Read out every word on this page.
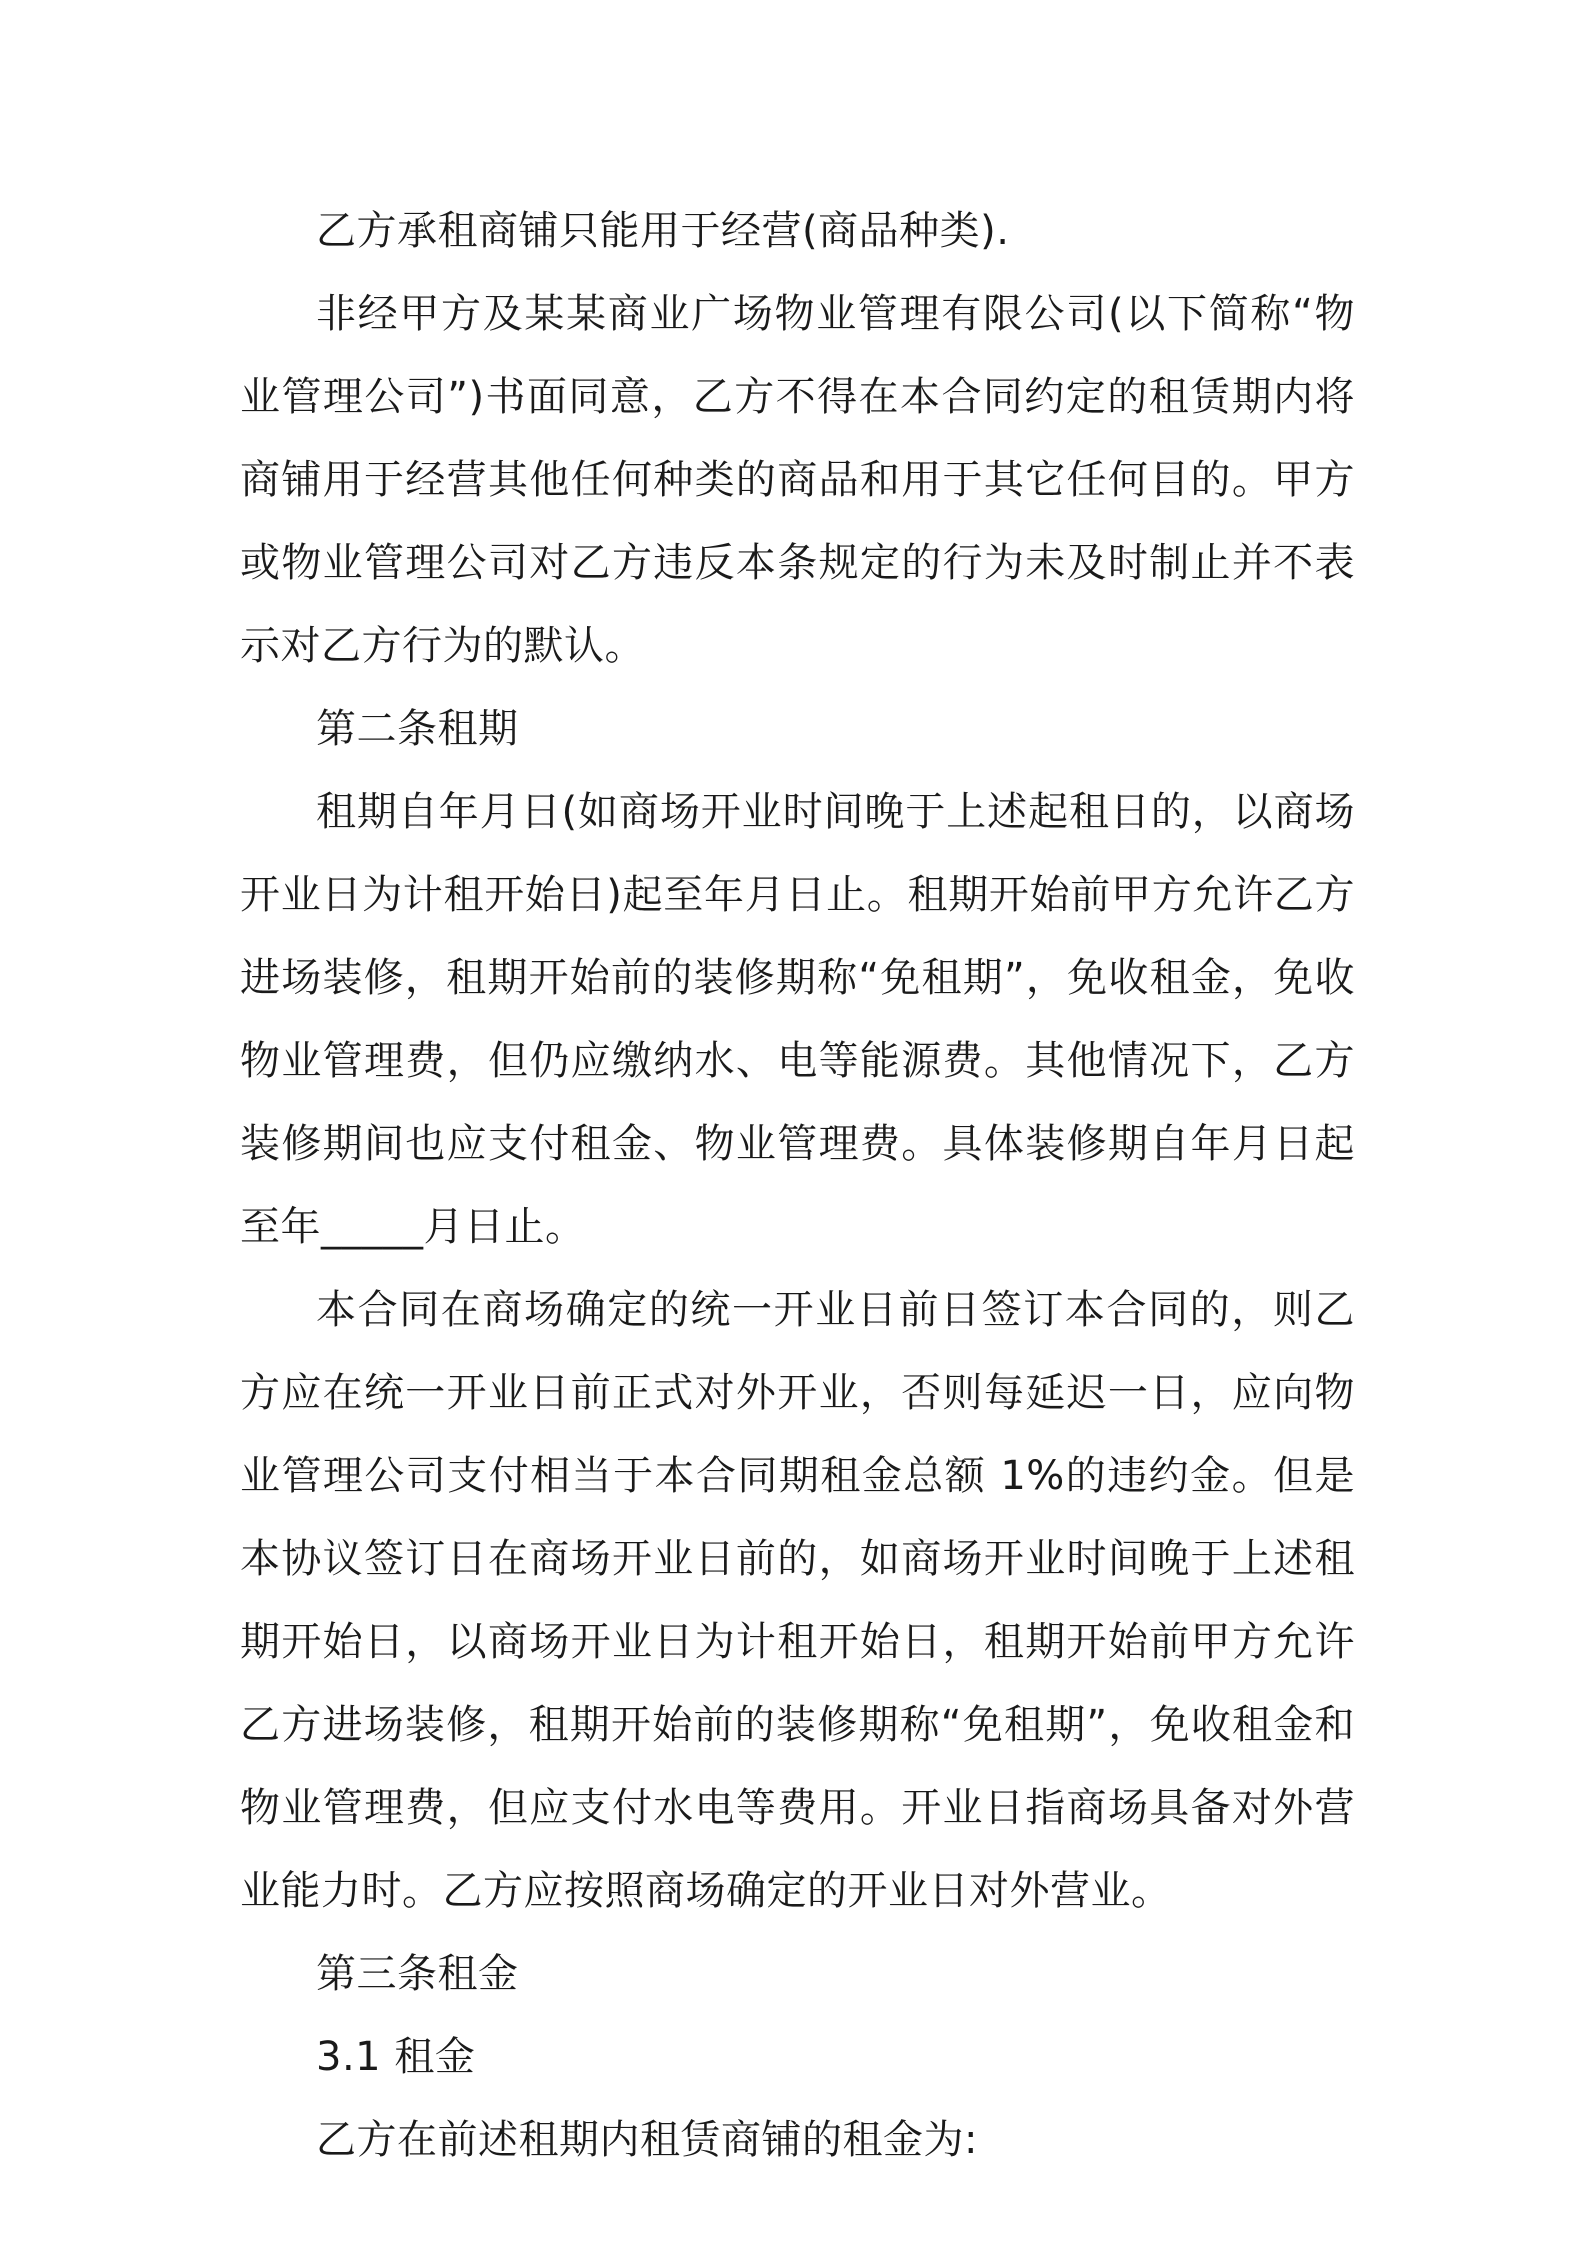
乙方承租商铺只能用于经营(商品种类).

非经甲方及某某商业广场物业管理有限公司(以下简称“物业管理公司”)书面同意，乙方不得在本合同约定的租赁期内将商铺用于经营其他任何种类的商品和用于其它任何目的。甲方或物业管理公司对乙方违反本条规定的行为未及时制止并不表示对乙方行为的默认。

第二条租期

租期自年月日(如商场开业时间晚于上述起租日的，以商场开业日为计租开始日)起至年月日止。租期开始前甲方允许乙方进场装修，租期开始前的装修期称“免租期”，免收租金，免收物业管理费，但仍应缴纳水、电等能源费。其他情况下，乙方装修期间也应支付租金、物业管理费。具体装修期自年月日起至年_____月日止。

本合同在商场确定的统一开业日前日签订本合同的，则乙方应在统一开业日前正式对外开业，否则每延迟一日，应向物业管理公司支付相当于本合同期租金总额 1%的违约金。但是本协议签订日在商场开业日前的，如商场开业时间晚于上述租期开始日，以商场开业日为计租开始日，租期开始前甲方允许乙方进场装修，租期开始前的装修期称“免租期”，免收租金和物业管理费，但应支付水电等费用。开业日指商场具备对外营业能力时。乙方应按照商场确定的开业日对外营业。

第三条租金

3.1 租金

乙方在前述租期内租赁商铺的租金为:
